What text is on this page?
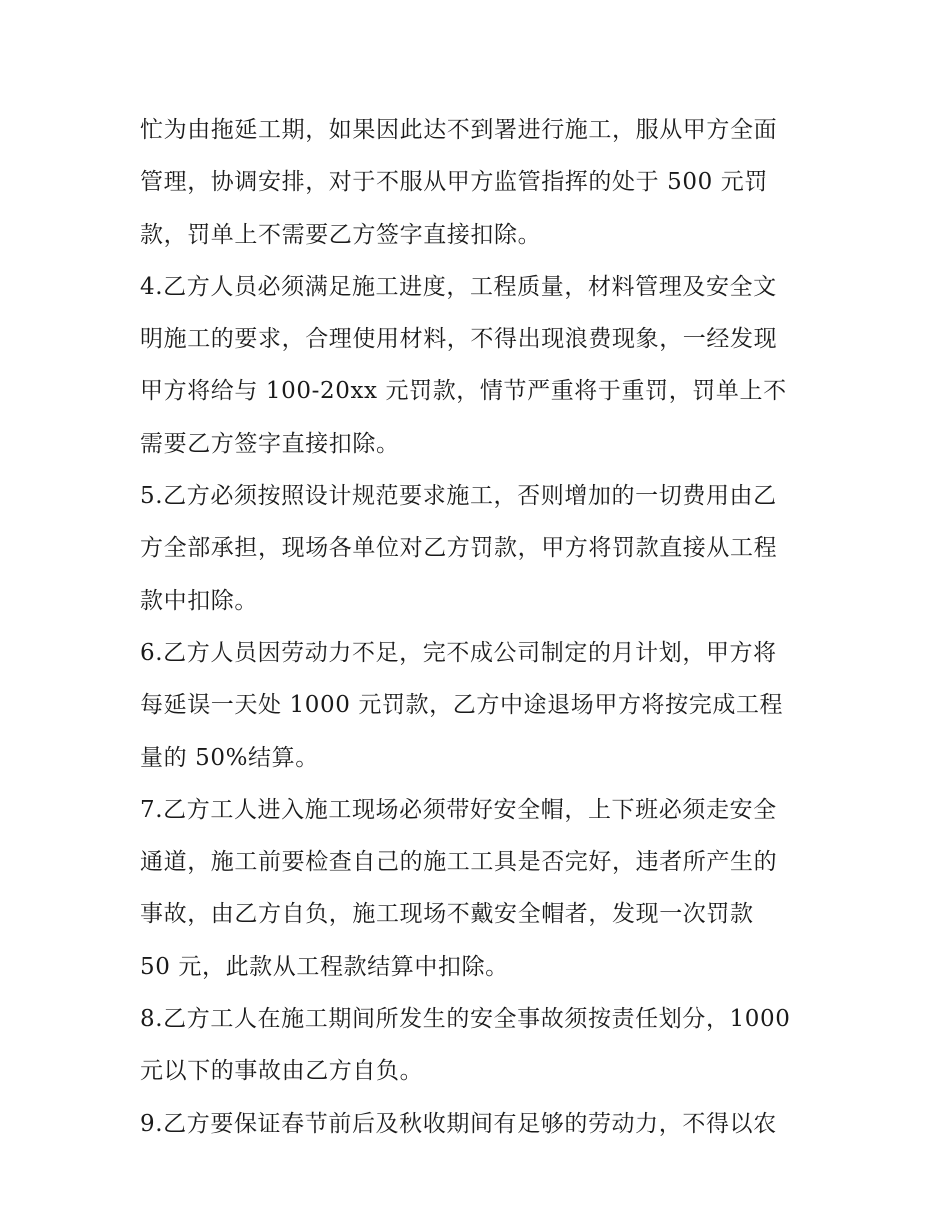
忙为由拖延工期，如果因此达不到署进行施工，服从甲方全面
管理，协调安排，对于不服从甲方监管指挥的处于 500 元罚
款，罚单上不需要乙方签字直接扣除。
4.乙方人员必须满足施工进度，工程质量，材料管理及安全文
明施工的要求，合理使用材料，不得出现浪费现象，一经发现
甲方将给与 100-20xx 元罚款，情节严重将于重罚，罚单上不
需要乙方签字直接扣除。
5.乙方必须按照设计规范要求施工，否则增加的一切费用由乙
方全部承担，现场各单位对乙方罚款，甲方将罚款直接从工程
款中扣除。
6.乙方人员因劳动力不足，完不成公司制定的月计划，甲方将
每延误一天处 1000 元罚款，乙方中途退场甲方将按完成工程
量的 50%结算。
7.乙方工人进入施工现场必须带好安全帽，上下班必须走安全
通道，施工前要检查自己的施工工具是否完好，违者所产生的
事故，由乙方自负，施工现场不戴安全帽者，发现一次罚款
50 元，此款从工程款结算中扣除。
8.乙方工人在施工期间所发生的安全事故须按责任划分，1000
元以下的事故由乙方自负。
9.乙方要保证春节前后及秋收期间有足够的劳动力，不得以农
